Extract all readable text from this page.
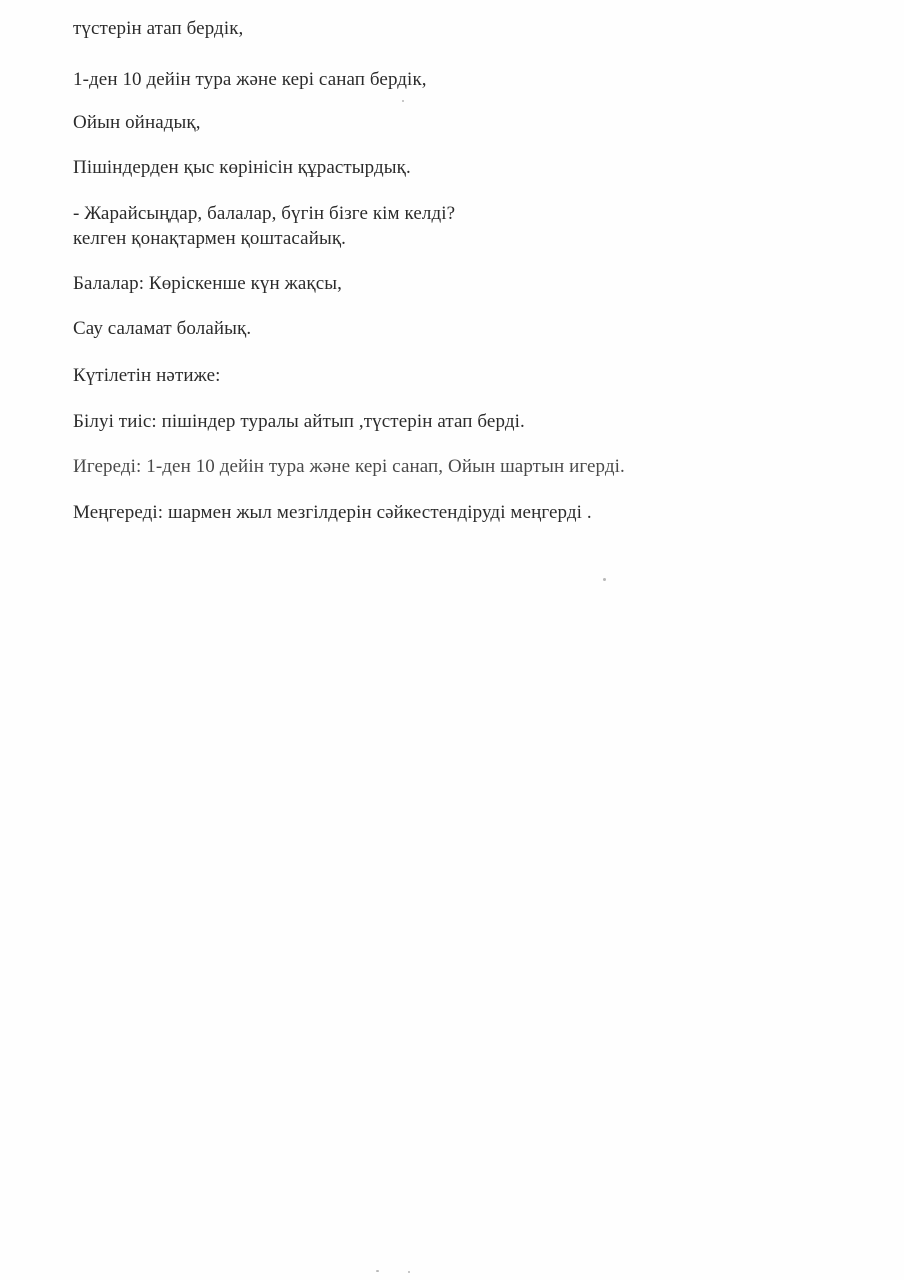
түстерін атап бердік,

1-ден 10 дейін тура және кері санап бердік,

Ойын ойнадық,

Пішіндерден қыс көрінісін құрастырдық.

- Жарайсыңдар, балалар, бүгін бізге кім келді?

келген қонақтармен қоштасайық.

Балалар: Көріскенше күн жақсы,

Сау саламат болайық.

Күтілетін нәтиже:

Білуі тиіс: пішіндер туралы айтып ,түстерін атап берді.

Игереді: 1-ден 10 дейін тура және кері санап, Ойын шартын игерді.

Меңгереді: шармен жыл мезгілдерін сәйкестендіруді меңгерді .
